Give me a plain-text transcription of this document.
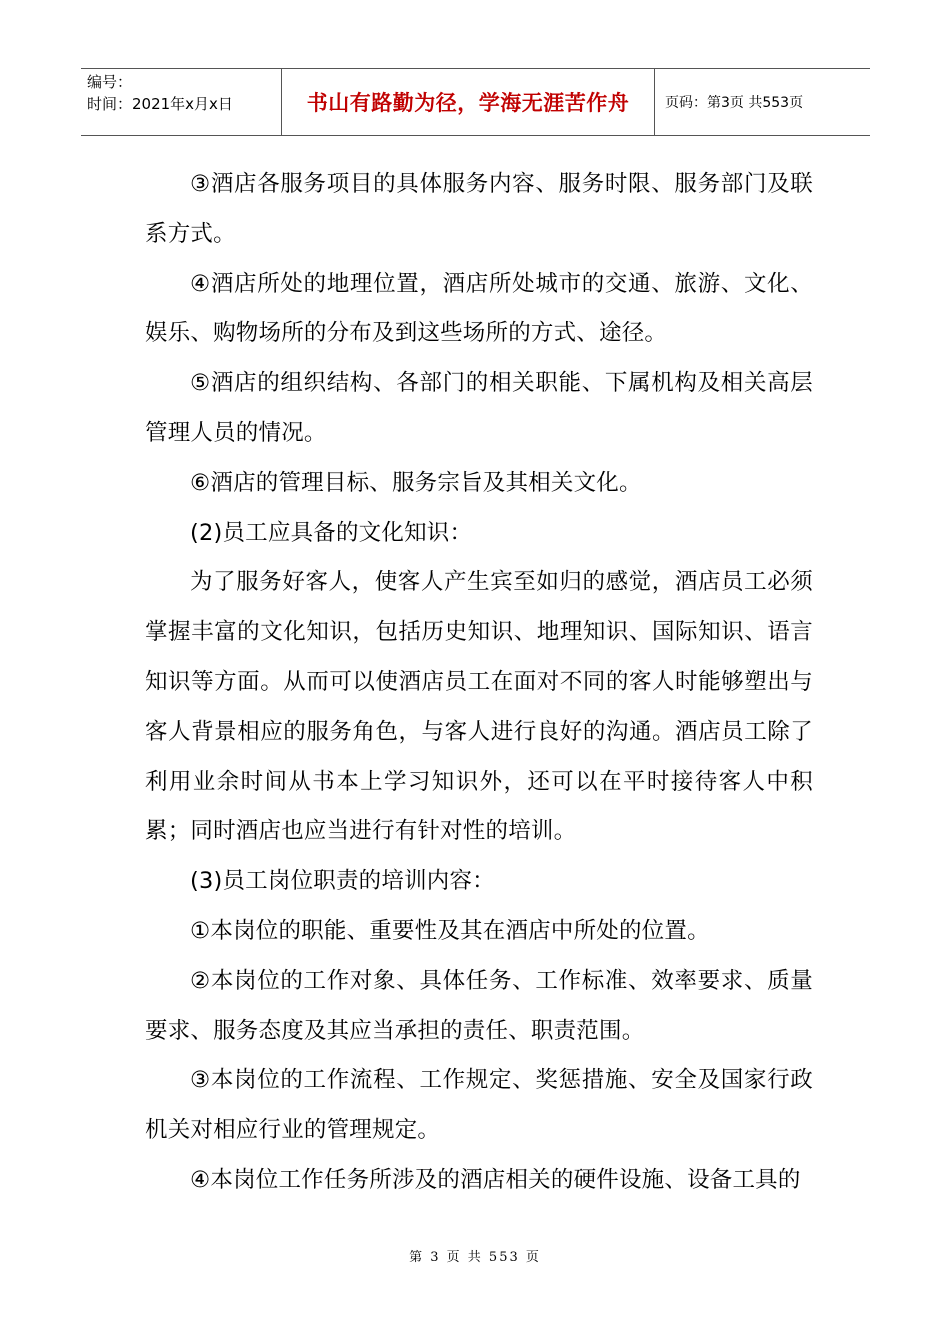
编号：
时间：2021年x月x日	书山有路勤为径，学海无涯苦作舟	页码：第3页 共553页

③酒店各服务项目的具体服务内容、服务时限、服务部门及联系方式。

④酒店所处的地理位置，酒店所处城市的交通、旅游、文化、娱乐、购物场所的分布及到这些场所的方式、途径。

⑤酒店的组织结构、各部门的相关职能、下属机构及相关高层管理人员的情况。

⑥酒店的管理目标、服务宗旨及其相关文化。

(2)员工应具备的文化知识：

为了服务好客人，使客人产生宾至如归的感觉，酒店员工必须掌握丰富的文化知识，包括历史知识、地理知识、国际知识、语言知识等方面。从而可以使酒店员工在面对不同的客人时能够塑出与客人背景相应的服务角色，与客人进行良好的沟通。酒店员工除了利用业余时间从书本上学习知识外，还可以在平时接待客人中积累；同时酒店也应当进行有针对性的培训。

(3)员工岗位职责的培训内容：

①本岗位的职能、重要性及其在酒店中所处的位置。

②本岗位的工作对象、具体任务、工作标准、效率要求、质量要求、服务态度及其应当承担的责任、职责范围。

③本岗位的工作流程、工作规定、奖惩措施、安全及国家行政机关对相应行业的管理规定。

④本岗位工作任务所涉及的酒店相关的硬件设施、设备工具的

第 3 页 共 553 页
